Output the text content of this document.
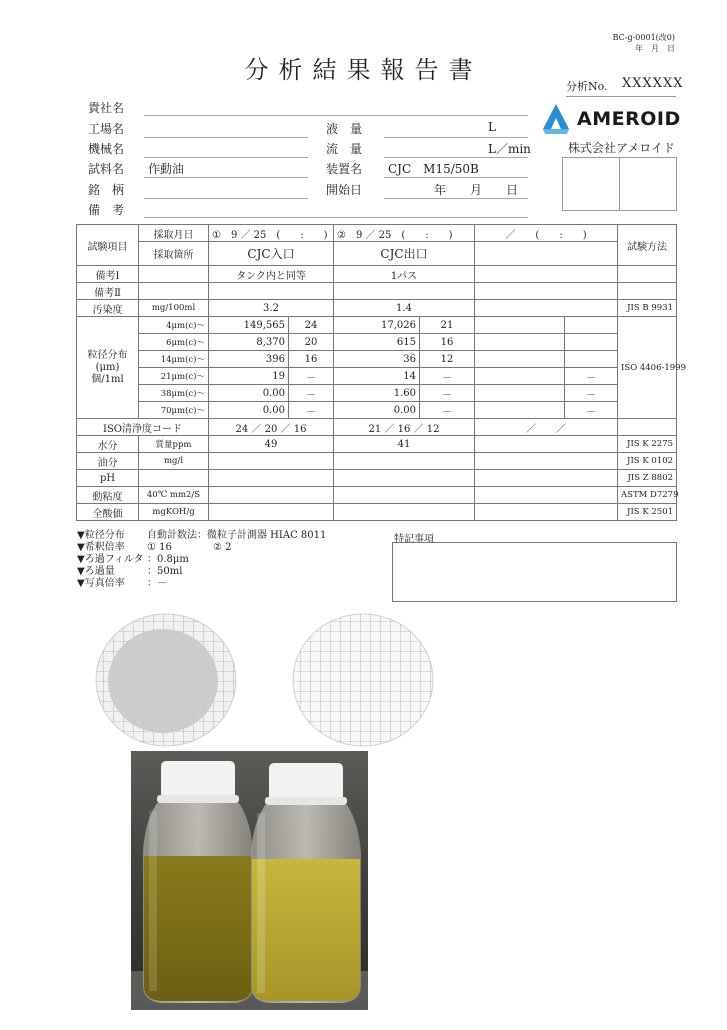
BC-g-0001(改0)
年　月　日
分析結果報告書
分析No. XXXXXX
貴社名
工場名
機械名
試料名 作動油
銘　柄
備　考
液　量	L
流　量	L／min
装置名 CJC　M15/50B
開始日	年　　月　　日
AMEROID
株式会社アメロイド
試験項目	採取月日	①　9 ／ 25　(　　:　　)		②　9 ／ 25　(　　:　　)		／　　(　　:　　)		試験方法
	採取箇所	CJC入口		CJC出口				
備考Ⅰ		タンク内と同等		1パス				
備考Ⅱ								
汚染度	mg/100ml	3.2		1.4				JIS B 9931
粒径分布
(μm)
個/1ml	4μm(c)～	149,565	24	17,026	21			ISO 4406-1999
	6μm(c)～	8,370	20	615	16			
	14μm(c)～	396	16	36	12			
	21μm(c)～	19	－	14	－		－	
	38μm(c)～	0.00	－	1.60	－		－	
	70μm(c)～	0.00	－	0.00	－		－	
ISO清浄度コード		24 ／ 20 ／ 16		21 ／ 16 ／ 12		／　　／		
水分	質量ppm	49		41				JIS K 2275
油分	mg/l							JIS K 0102
pH								JIS Z 8802
動粘度	40℃ mm2/S							ASTM D7279
全酸価	mgKOH/g							JIS K 2501
▼粒径分布 自動計数法：微粒子計測器 HIAC 8011
▼希釈倍率 ① 16	② 2
▼ろ過フィルタ ：0.8μm
▼ろ過量	：50ml
▼写真倍率 ：－
特記事項
